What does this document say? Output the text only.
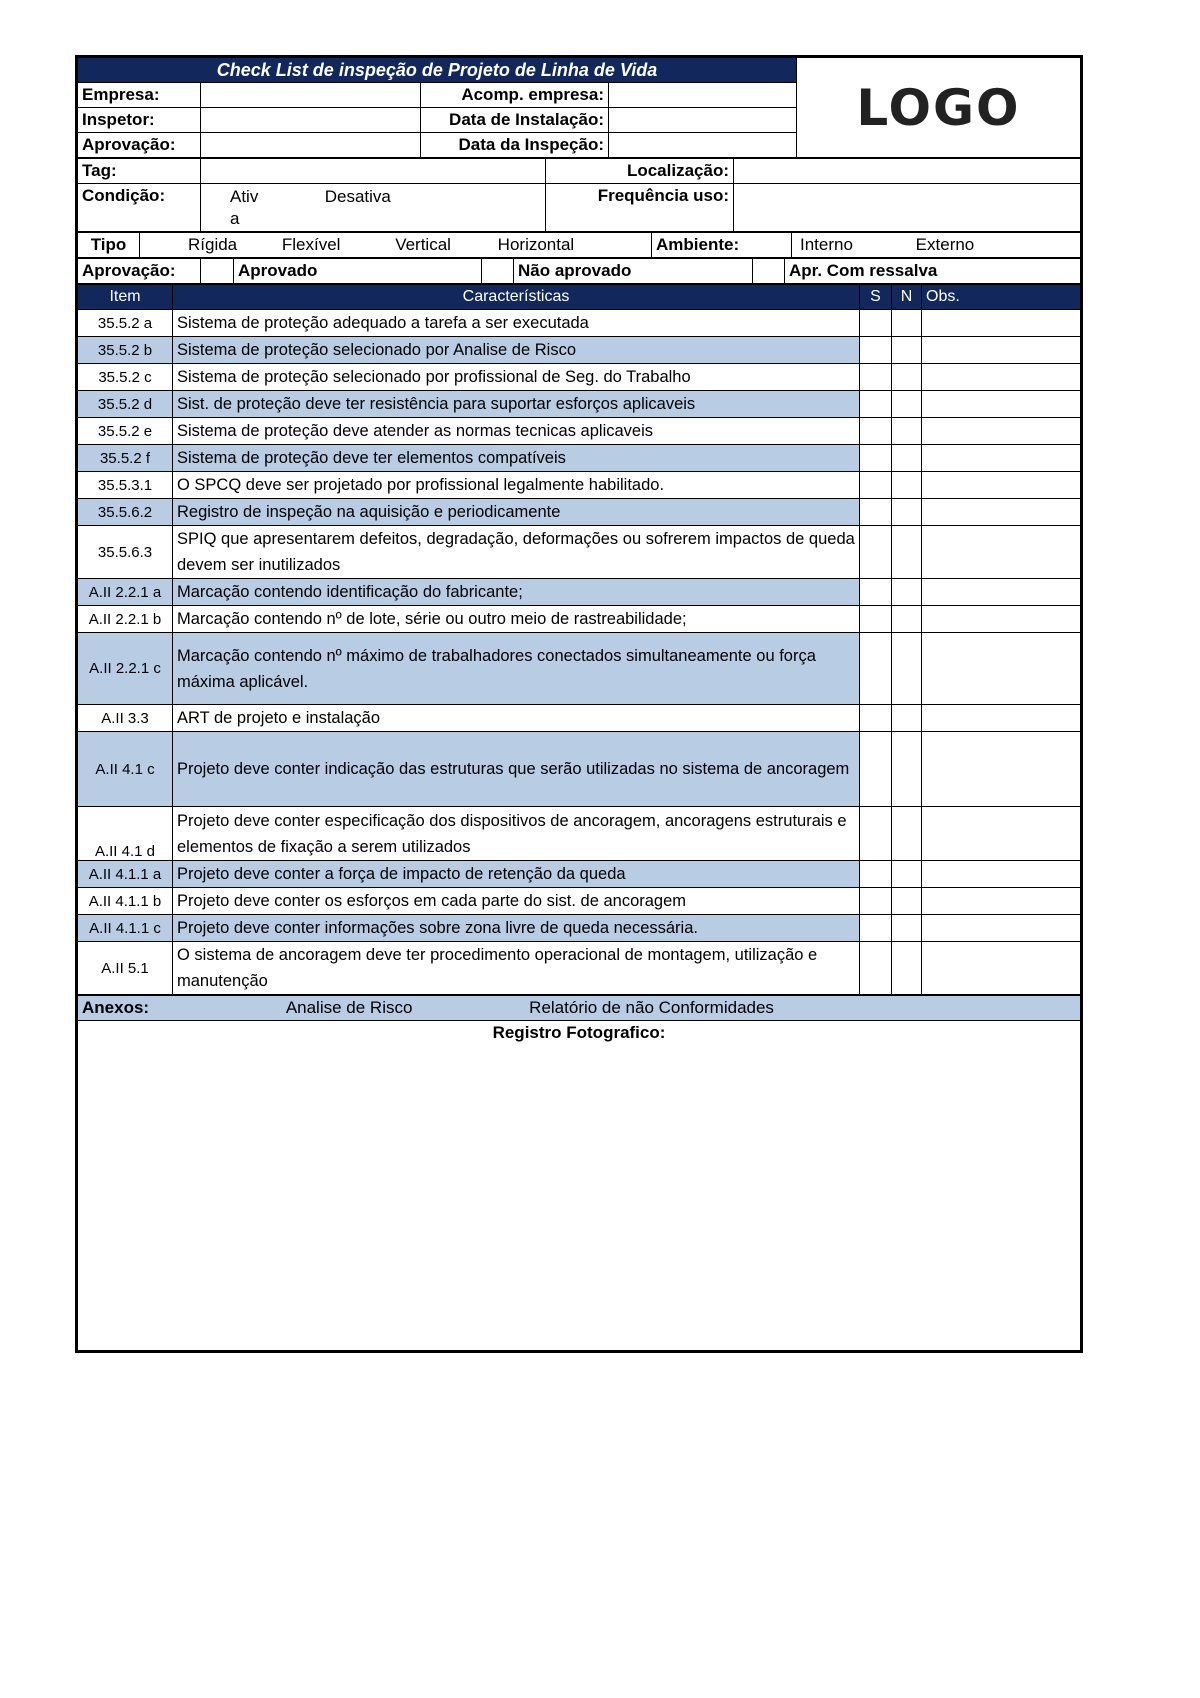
Check List de inspeção de Projeto de Linha de Vida				LOGO
Empresa:		Acomp. empresa:		
Inspetor:		Data de Instalação:		
Aprovação:		Data da Inspeção:		
Tag:		Localização:	
Condição:	Ativ a Desativa	Frequência uso:	
Tipo	Rígida	Flexível	Vertical	Horizontal	Ambiente:	Interno	Externo
Aprovação:		Aprovado		Não aprovado		Apr. Com ressalva
Item	Características	S	N	Obs.
35.5.2 a	Sistema de proteção adequado a tarefa a ser executada			
35.5.2 b	Sistema de proteção selecionado por Analise de Risco			
35.5.2 c	Sistema de proteção selecionado por profissional de Seg. do Trabalho			
35.5.2 d	Sist. de proteção deve ter resistência para suportar esforços aplicaveis			
35.5.2 e	Sistema de proteção deve atender as normas tecnicas aplicaveis			
35.5.2 f	Sistema de proteção deve ter elementos compatíveis			
35.5.3.1	O SPCQ deve ser projetado por profissional legalmente habilitado.			
35.5.6.2	Registro de inspeção na aquisição e periodicamente			
35.5.6.3	SPIQ que apresentarem defeitos, degradação, deformações ou sofrerem impactos de queda devem ser inutilizados			
A.II 2.2.1 a	Marcação contendo identificação do fabricante;			
A.II 2.2.1 b	Marcação contendo nº de lote, série ou outro meio de rastreabilidade;			
A.II 2.2.1 c	Marcação contendo nº máximo de trabalhadores conectados simultaneamente ou força máxima aplicável.			
A.II 3.3	ART de projeto e instalação			
A.II 4.1 c	Projeto deve conter indicação das estruturas que serão utilizadas no sistema de ancoragem			
A.II 4.1 d	Projeto deve conter especificação dos dispositivos de ancoragem, ancoragens estruturais e elementos de fixação a serem utilizados			
A.II 4.1.1 a	Projeto deve conter a força de impacto de retenção da queda			
A.II 4.1.1 b	Projeto deve conter os esforços em cada parte do sist. de ancoragem			
A.II 4.1.1 c	Projeto deve conter informações sobre zona livre de queda necessária.			
A.II 5.1	O sistema de ancoragem deve ter procedimento operacional de montagem, utilização e manutenção			
Anexos:	Analise de Risco	Relatório de não Conformidades
Registro Fotografico:
